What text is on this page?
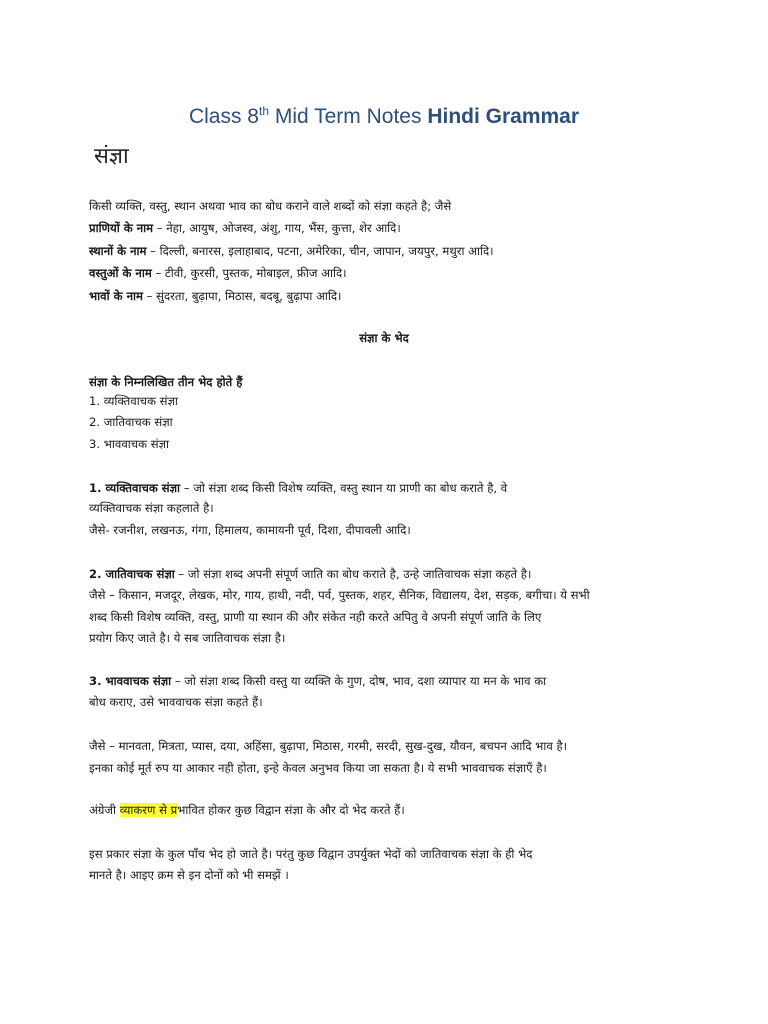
Class 8th Mid Term Notes Hindi Grammar
संज्ञा
किसी व्यक्ति, वस्तु, स्थान अथवा भाव का बोध कराने वाले शब्दों को संज्ञा कहते है; जैसे
प्राणियों के नाम – नेहा, आयुष, ओजस्व, अंशु, गाय, भैंस, कुत्ता, शेर आदि।
स्थानों के नाम – दिल्ली, बनारस, इलाहाबाद, पटना, अमेरिका, चीन, जापान, जयपुर, मथुरा आदि।
वस्तुओं के नाम – टीवी, कुरसी, पुस्तक, मोबाइल, फ्रीज आदि।
भावों के नाम – सुंदरता, बुढ़ापा, मिठास, बदबू, बुढ़ापा आदि।
संज्ञा के भेद
संज्ञा के निम्नलिखित तीन भेद होते हैं
1. व्यक्तिवाचक संज्ञा
2. जातिवाचक संज्ञा
3. भाववाचक संज्ञा
1. व्यक्तिवाचक संज्ञा – जो संज्ञा शब्द किसी विशेष व्यक्ति, वस्तु स्थान या प्राणी का बोध कराते है, वे
व्यक्तिवाचक संज्ञा कहलाते है।
जैसे- रजनीश, लखनऊ, गंगा, हिमालय, कामायनी पूर्व, दिशा, दीपावली आदि।
2. जातिवाचक संज्ञा – जो संज्ञा शब्द अपनी संपूर्ण जाति का बोध कराते है, उन्हे जातिवाचक संज्ञा कहते है।
जैसे – किसान, मजदूर, लेखक, मोर, गाय, हाथी, नदी, पर्व, पुस्तक, शहर, सैनिक, विद्यालय, देश, सड़क, बगीचा। ये सभी
शब्द किसी विशेष व्यक्ति, वस्तु, प्राणी या स्थान की और संकेत नही करते अपितु वे अपनी संपूर्ण जाति के लिए
प्रयोग किए जाते है। ये सब जातिवाचक संज्ञा है।
3. भाववाचक संज्ञा – जो संज्ञा शब्द किसी वस्तु या व्यक्ति के गुण, दोष, भाव, दशा व्यापार या मन के भाव का
बोध कराए, उसे भाववाचक संज्ञा कहते हैं।
जैसे – मानवता, मित्रता, प्यास, दया, अहिंसा, बुढ़ापा, मिठास, गरमी, सरदी, सुख-दुख, यौवन, बचपन आदि भाव है।
इनका कोई मूर्त रुप या आकार नही होता, इन्हे केवल अनुभव किया जा सकता है। ये सभी भाववाचक संज्ञाएँ है।
अंग्रेजी व्याकरण से प्रभावित होकर कुछ विद्वान संज्ञा के और दो भेद करते हैं।
इस प्रकार संज्ञा के कुल पाँच भेद हो जाते है। परंतु कुछ विद्वान उपर्युक्त भेदों को जातिवाचक संज्ञा के ही भेद
मानते है। आइए क्रम से इन दोनों को भी समझें ।
